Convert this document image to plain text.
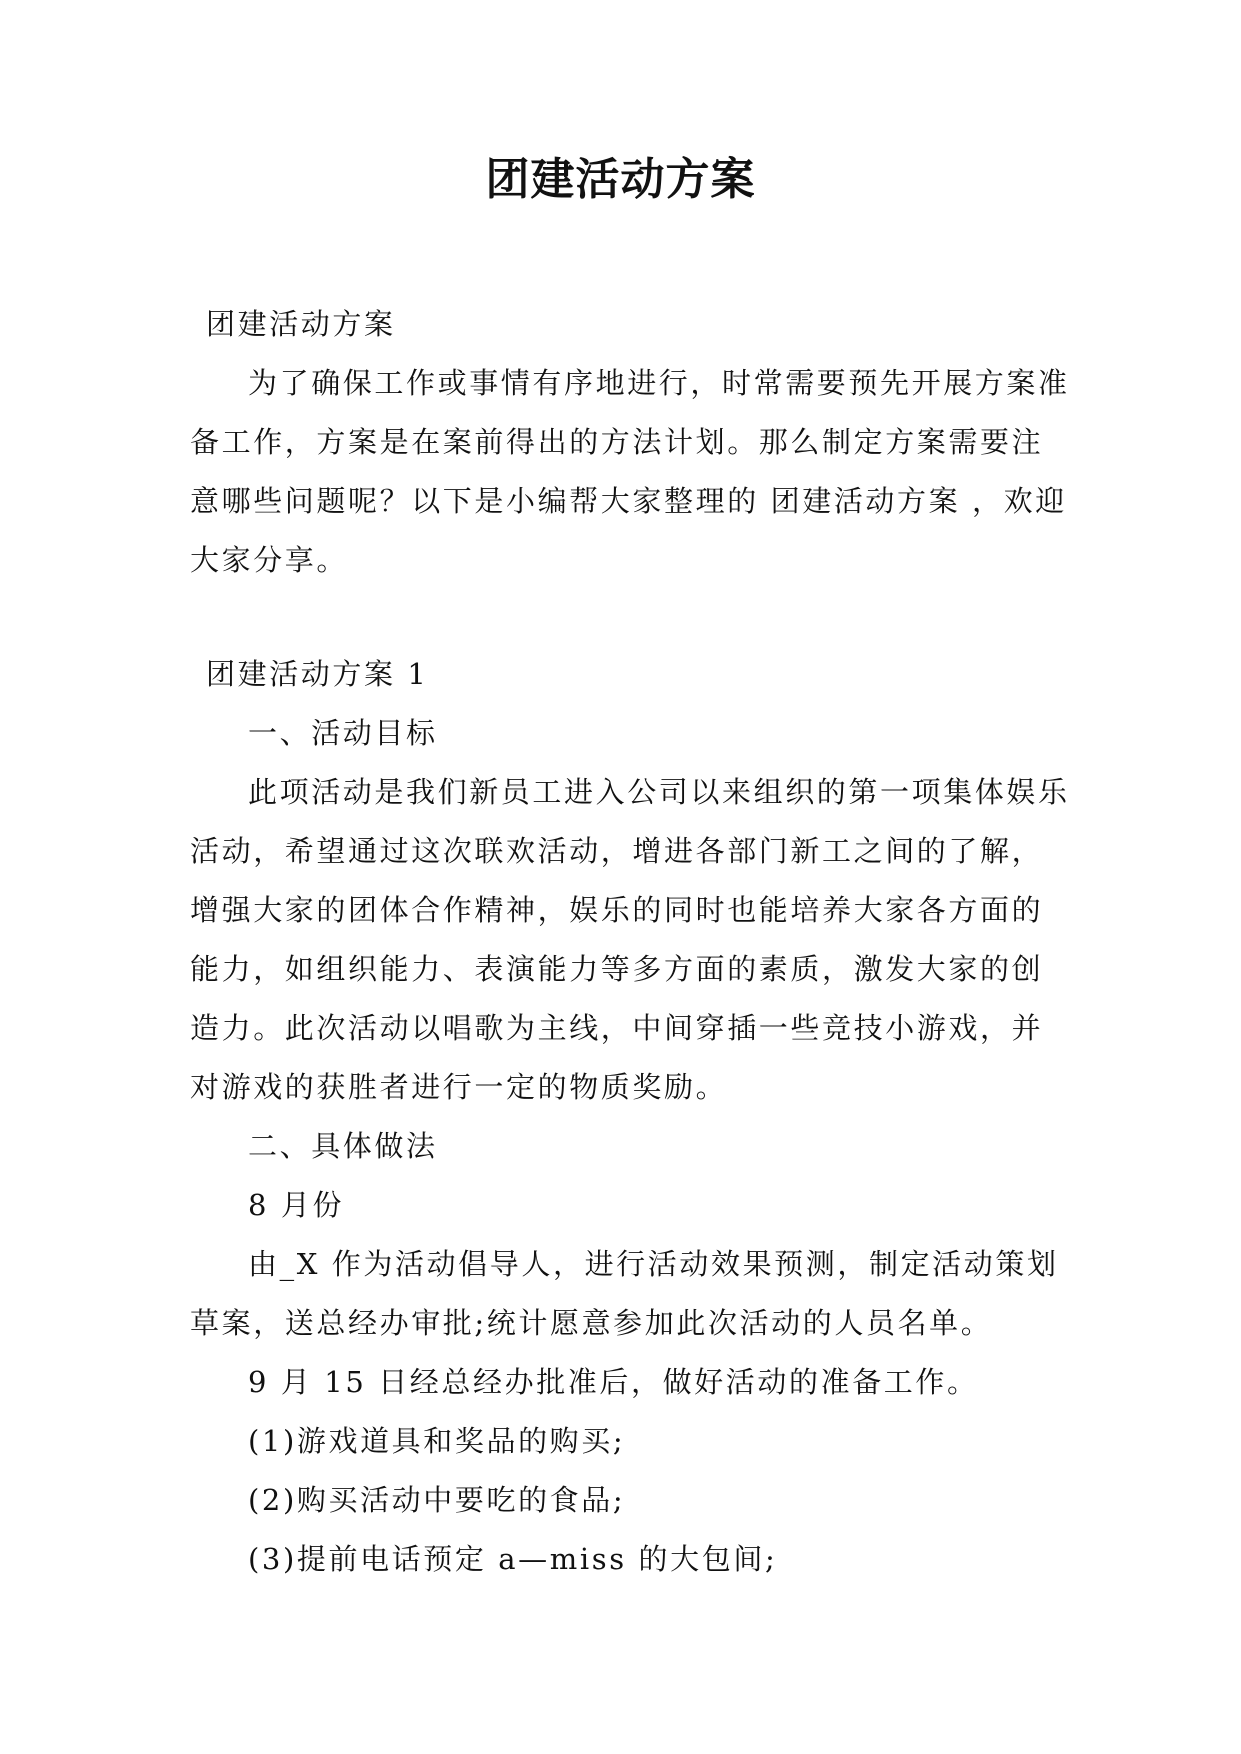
团建活动方案

团建活动方案

为了确保工作或事情有序地进行，时常需要预先开展方案准备工作，方案是在案前得出的方法计划。那么制定方案需要注意哪些问题呢？以下是小编帮大家整理的 团建活动方案 ，欢迎大家分享。

团建活动方案 1

一、活动目标

此项活动是我们新员工进入公司以来组织的第一项集体娱乐活动，希望通过这次联欢活动，增进各部门新工之间的了解，增强大家的团体合作精神，娱乐的同时也能培养大家各方面的能力，如组织能力、表演能力等多方面的素质，激发大家的创造力。此次活动以唱歌为主线，中间穿插一些竞技小游戏，并对游戏的获胜者进行一定的物质奖励。

二、具体做法

8 月份

由_X 作为活动倡导人，进行活动效果预测，制定活动策划草案，送总经办审批;统计愿意参加此次活动的人员名单。

9 月 15 日经总经办批准后，做好活动的准备工作。

(1)游戏道具和奖品的购买;

(2)购买活动中要吃的食品;

(3)提前电话预定 a—miss 的大包间;
